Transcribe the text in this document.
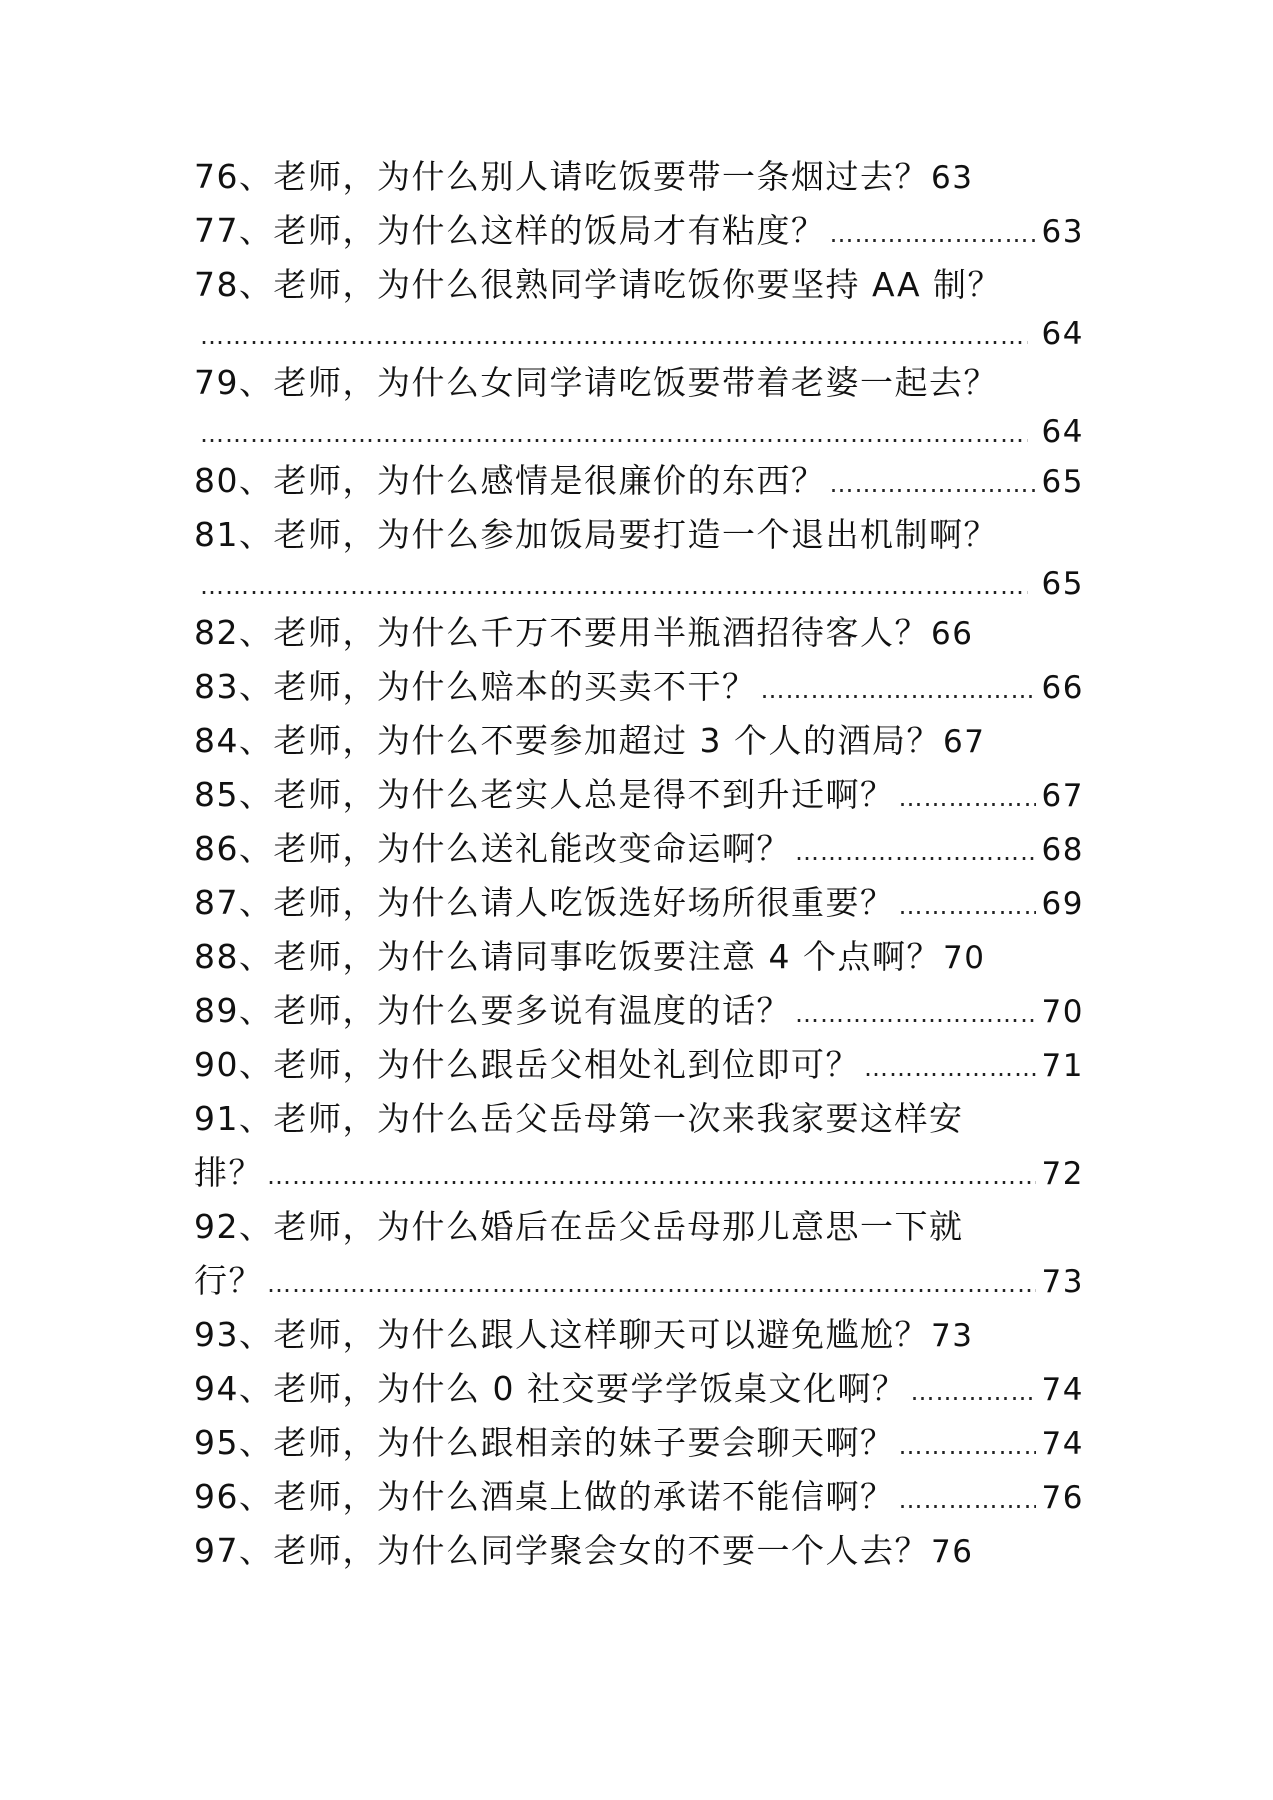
76、老师，为什么别人请吃饭要带一条烟过去？ 63
77、老师，为什么这样的饭局才有粘度？ …………………………………………………………………………………………………………………………………………………………	63
78、老师，为什么很熟同学请吃饭你要坚持 AA 制？
…………………………………………………………………………………………………………………………………………………………
64
79、老师，为什么女同学请吃饭要带着老婆一起去？
…………………………………………………………………………………………………………………………………………………………
64
80、老师，为什么感情是很廉价的东西？ …………………………………………………………………………………………………………………………………………………………	65
81、老师，为什么参加饭局要打造一个退出机制啊？
…………………………………………………………………………………………………………………………………………………………
65
82、老师，为什么千万不要用半瓶酒招待客人？ 66
83、老师，为什么赔本的买卖不干？ …………………………………………………………………………………………………………………………………………………………	66
84、老师，为什么不要参加超过 3 个人的酒局？ 67
85、老师，为什么老实人总是得不到升迁啊？ …………………………………………………………………………………………………………………………………………………………	67
86、老师，为什么送礼能改变命运啊？ …………………………………………………………………………………………………………………………………………………………	68
87、老师，为什么请人吃饭选好场所很重要？ …………………………………………………………………………………………………………………………………………………………	69
88、老师，为什么请同事吃饭要注意 4 个点啊？ 70
89、老师，为什么要多说有温度的话？ …………………………………………………………………………………………………………………………………………………………	70
90、老师，为什么跟岳父相处礼到位即可？ …………………………………………………………………………………………………………………………………………………………	71
91、老师，为什么岳父岳母第一次来我家要这样安
排？ …………………………………………………………………………………………………………………………………………………………	72
92、老师，为什么婚后在岳父岳母那儿意思一下就
行？ …………………………………………………………………………………………………………………………………………………………	73
93、老师，为什么跟人这样聊天可以避免尴尬？ 73
94、老师，为什么 0 社交要学学饭桌文化啊？ …………………………………………………………………………………………………………………………………………………………	74
95、老师，为什么跟相亲的妹子要会聊天啊？ …………………………………………………………………………………………………………………………………………………………	74
96、老师，为什么酒桌上做的承诺不能信啊？ …………………………………………………………………………………………………………………………………………………………	76
97、老师，为什么同学聚会女的不要一个人去？ 76
